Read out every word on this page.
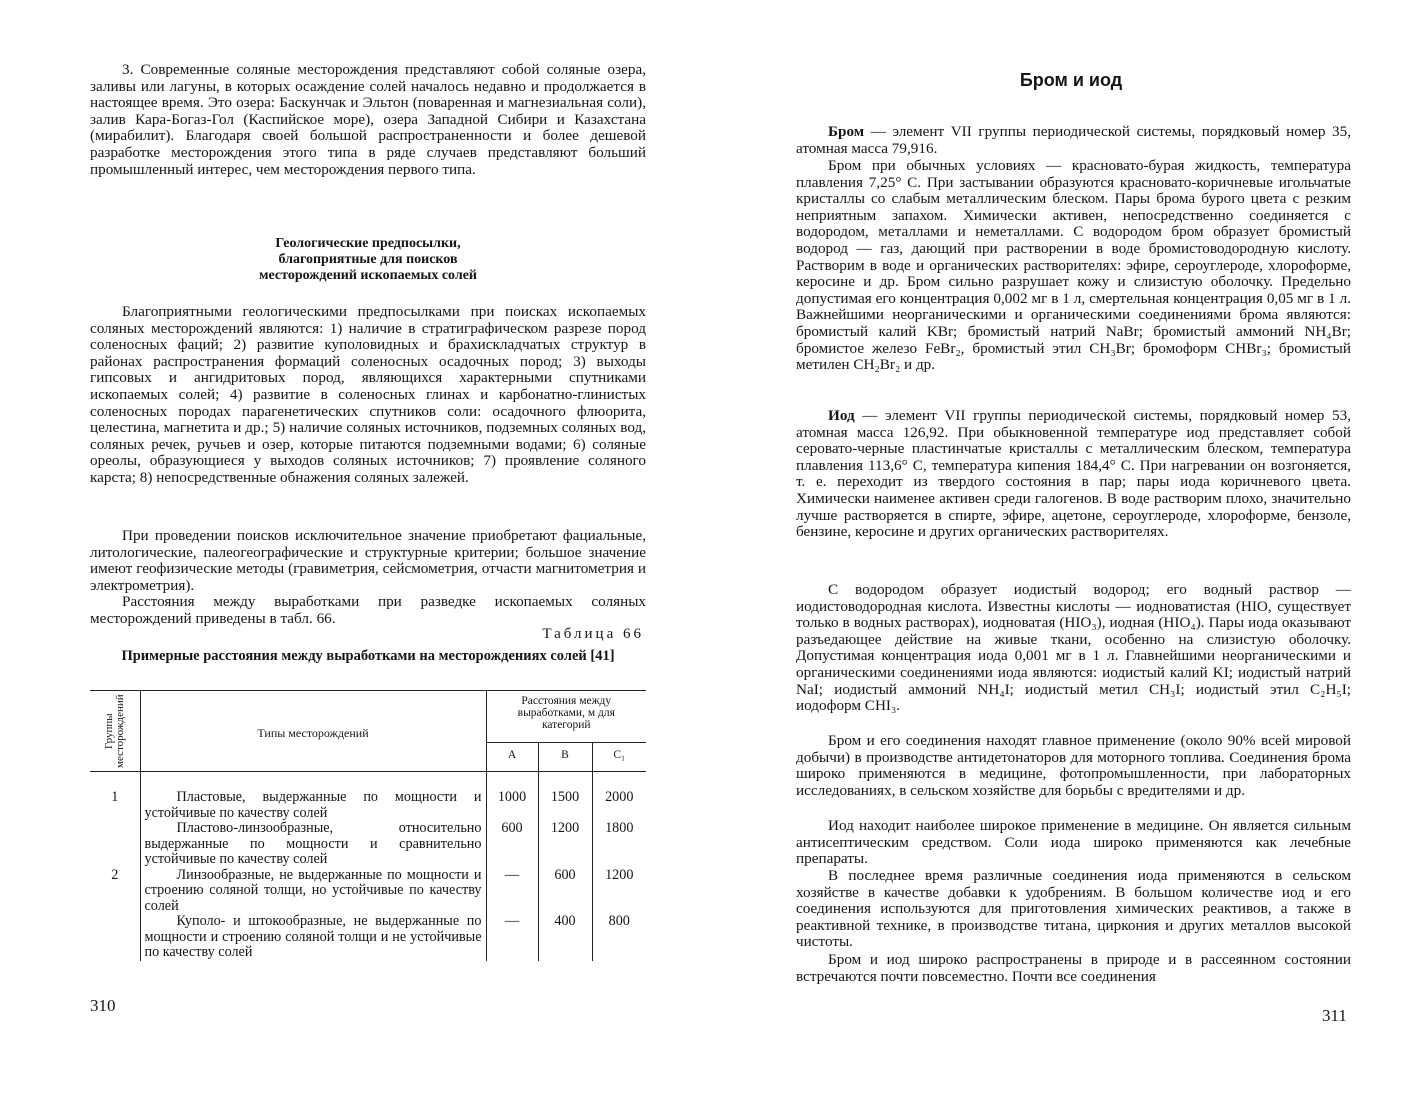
3. Современные соляные месторождения представляют собой соляные озера, заливы или лагуны, в которых осаждение солей началось недавно и продолжается в настоящее время. Это озера: Баскунчак и Эльтон (поваренная и магнезиальная соли), залив Кара-Богаз-Гол (Каспийское море), озера Западной Сибири и Казахстана (мирабилит). Благодаря своей большой распространенности и более дешевой разработке месторождения этого типа в ряде случаев представляют больший промышленный интерес, чем месторождения первого типа.

Геологические предпосылки,
благоприятные для поисков
месторождений ископаемых солей

Благоприятными геологическими предпосылками при поисках ископаемых соляных месторождений являются: 1) наличие в стратиграфическом разрезе пород соленосных фаций; 2) развитие куполовидных и брахискладчатых структур в районах распространения формаций соленосных осадочных пород; 3) выходы гипсовых и ангидритовых пород, являющихся характерными спутниками ископаемых солей; 4) развитие в соленосных глинах и карбонатно-глинистых соленосных породах парагенетических спутников соли: осадочного флюорита, целестина, магнетита и др.; 5) наличие соляных источников, подземных соляных вод, соляных речек, ручьев и озер, которые питаются подземными водами; 6) соляные ореолы, образующиеся у выходов соляных источников; 7) проявление соляного карста; 8) непосредственные обнажения соляных залежей.

При проведении поисков исключительное значение приобретают фациальные, литологические, палеогеографические и структурные критерии; большое значение имеют геофизические методы (гравиметрия, сейсмометрия, отчасти магнитометрия и электрометрия).

Расстояния между выработками при разведке ископаемых соляных месторождений приведены в табл. 66.

Таблица 66
Примерные расстояния между выработками на месторождениях солей [41]
Группы месторождений	Типы месторождений	Расстояния между выработками, м для категорий		
		А	В	С₁
1	Пластовые, выдержанные по мощности и устойчивые по качеству солей	1000	1500	2000
	Пластово-линзообразные, относительно выдержанные по мощности и сравнительно устойчивые по качеству солей	600	1200	1800
2	Линзообразные, не выдержанные по мощности и строению соляной толщи, но устойчивые по качеству солей	—	600	1200
	Куполо- и штокообразные, не выдержанные по мощности и строению соляной толщи и не устойчивые по качеству солей	—	400	800
310
Бром и иод

Бром — элемент VII группы периодической системы, порядковый номер 35, атомная масса 79,916.

Бром при обычных условиях — красновато-бурая жидкость, температура плавления 7,25° С. При застывании образуются красновато-коричневые игольчатые кристаллы со слабым металлическим блеском. Пары брома бурого цвета с резким неприятным запахом. Химически активен, непосредственно соединяется с водородом, металлами и неметаллами. С водородом бром образует бромистый водород — газ, дающий при растворении в воде бромистоводородную кислоту. Растворим в воде и органических растворителях: эфире, сероуглероде, хлороформе, керосине и др. Бром сильно разрушает кожу и слизистую оболочку. Предельно допустимая его концентрация 0,002 мг в 1 л, смертельная концентрация 0,05 мг в 1 л. Важнейшими неорганическими и органическими соединениями брома являются: бромистый калий KBr; бромистый натрий NaBr; бромистый аммоний NH₄Br; бромистое железо FeBr₂, бромистый этил CH₃Br; бромоформ CHBr₃; бромистый метилен CH₂Br₂ и др.

Иод — элемент VII группы периодической системы, порядковый номер 53, атомная масса 126,92. При обыкновенной температуре иод представляет собой серовато-черные пластинчатые кристаллы с металлическим блеском, температура плавления 113,6° С, температура кипения 184,4° С. При нагревании он возгоняется, т. е. переходит из твердого состояния в пар; пары иода коричневого цвета. Химически наименее активен среди галогенов. В воде растворим плохо, значительно лучше растворяется в спирте, эфире, ацетоне, сероуглероде, хлороформе, бензоле, бензине, керосине и других органических растворителях.

С водородом образует иодистый водород; его водный раствор — иодистоводородная кислота. Известны кислоты — иодноватистая (HIO, существует только в водных растворах), иодноватая (HIO₃), иодная (HIO₄). Пары иода оказывают разъедающее действие на живые ткани, особенно на слизистую оболочку. Допустимая концентрация иода 0,001 мг в 1 л. Главнейшими неорганическими и органическими соединениями иода являются: иодистый калий KI; иодистый натрий NaI; иодистый аммоний NH₄I; иодистый метил CH₃I; иодистый этил C₂H₅I; иодоформ CHI₃.

Бром и его соединения находят главное применение (около 90% всей мировой добычи) в производстве антидетонаторов для моторного топлива. Соединения брома широко применяются в медицине, фотопромышленности, при лабораторных исследованиях, в сельском хозяйстве для борьбы с вредителями и др.

Иод находит наиболее широкое применение в медицине. Он является сильным антисептическим средством. Соли иода широко применяются как лечебные препараты.

В последнее время различные соединения иода применяются в сельском хозяйстве в качестве добавки к удобрениям. В большом количестве иод и его соединения используются для приготовления химических реактивов, а также в реактивной технике, в производстве титана, циркония и других металлов высокой чистоты.

Бром и иод широко распространены в природе и в рассеянном состоянии встречаются почти повсеместно. Почти все соединения

311
